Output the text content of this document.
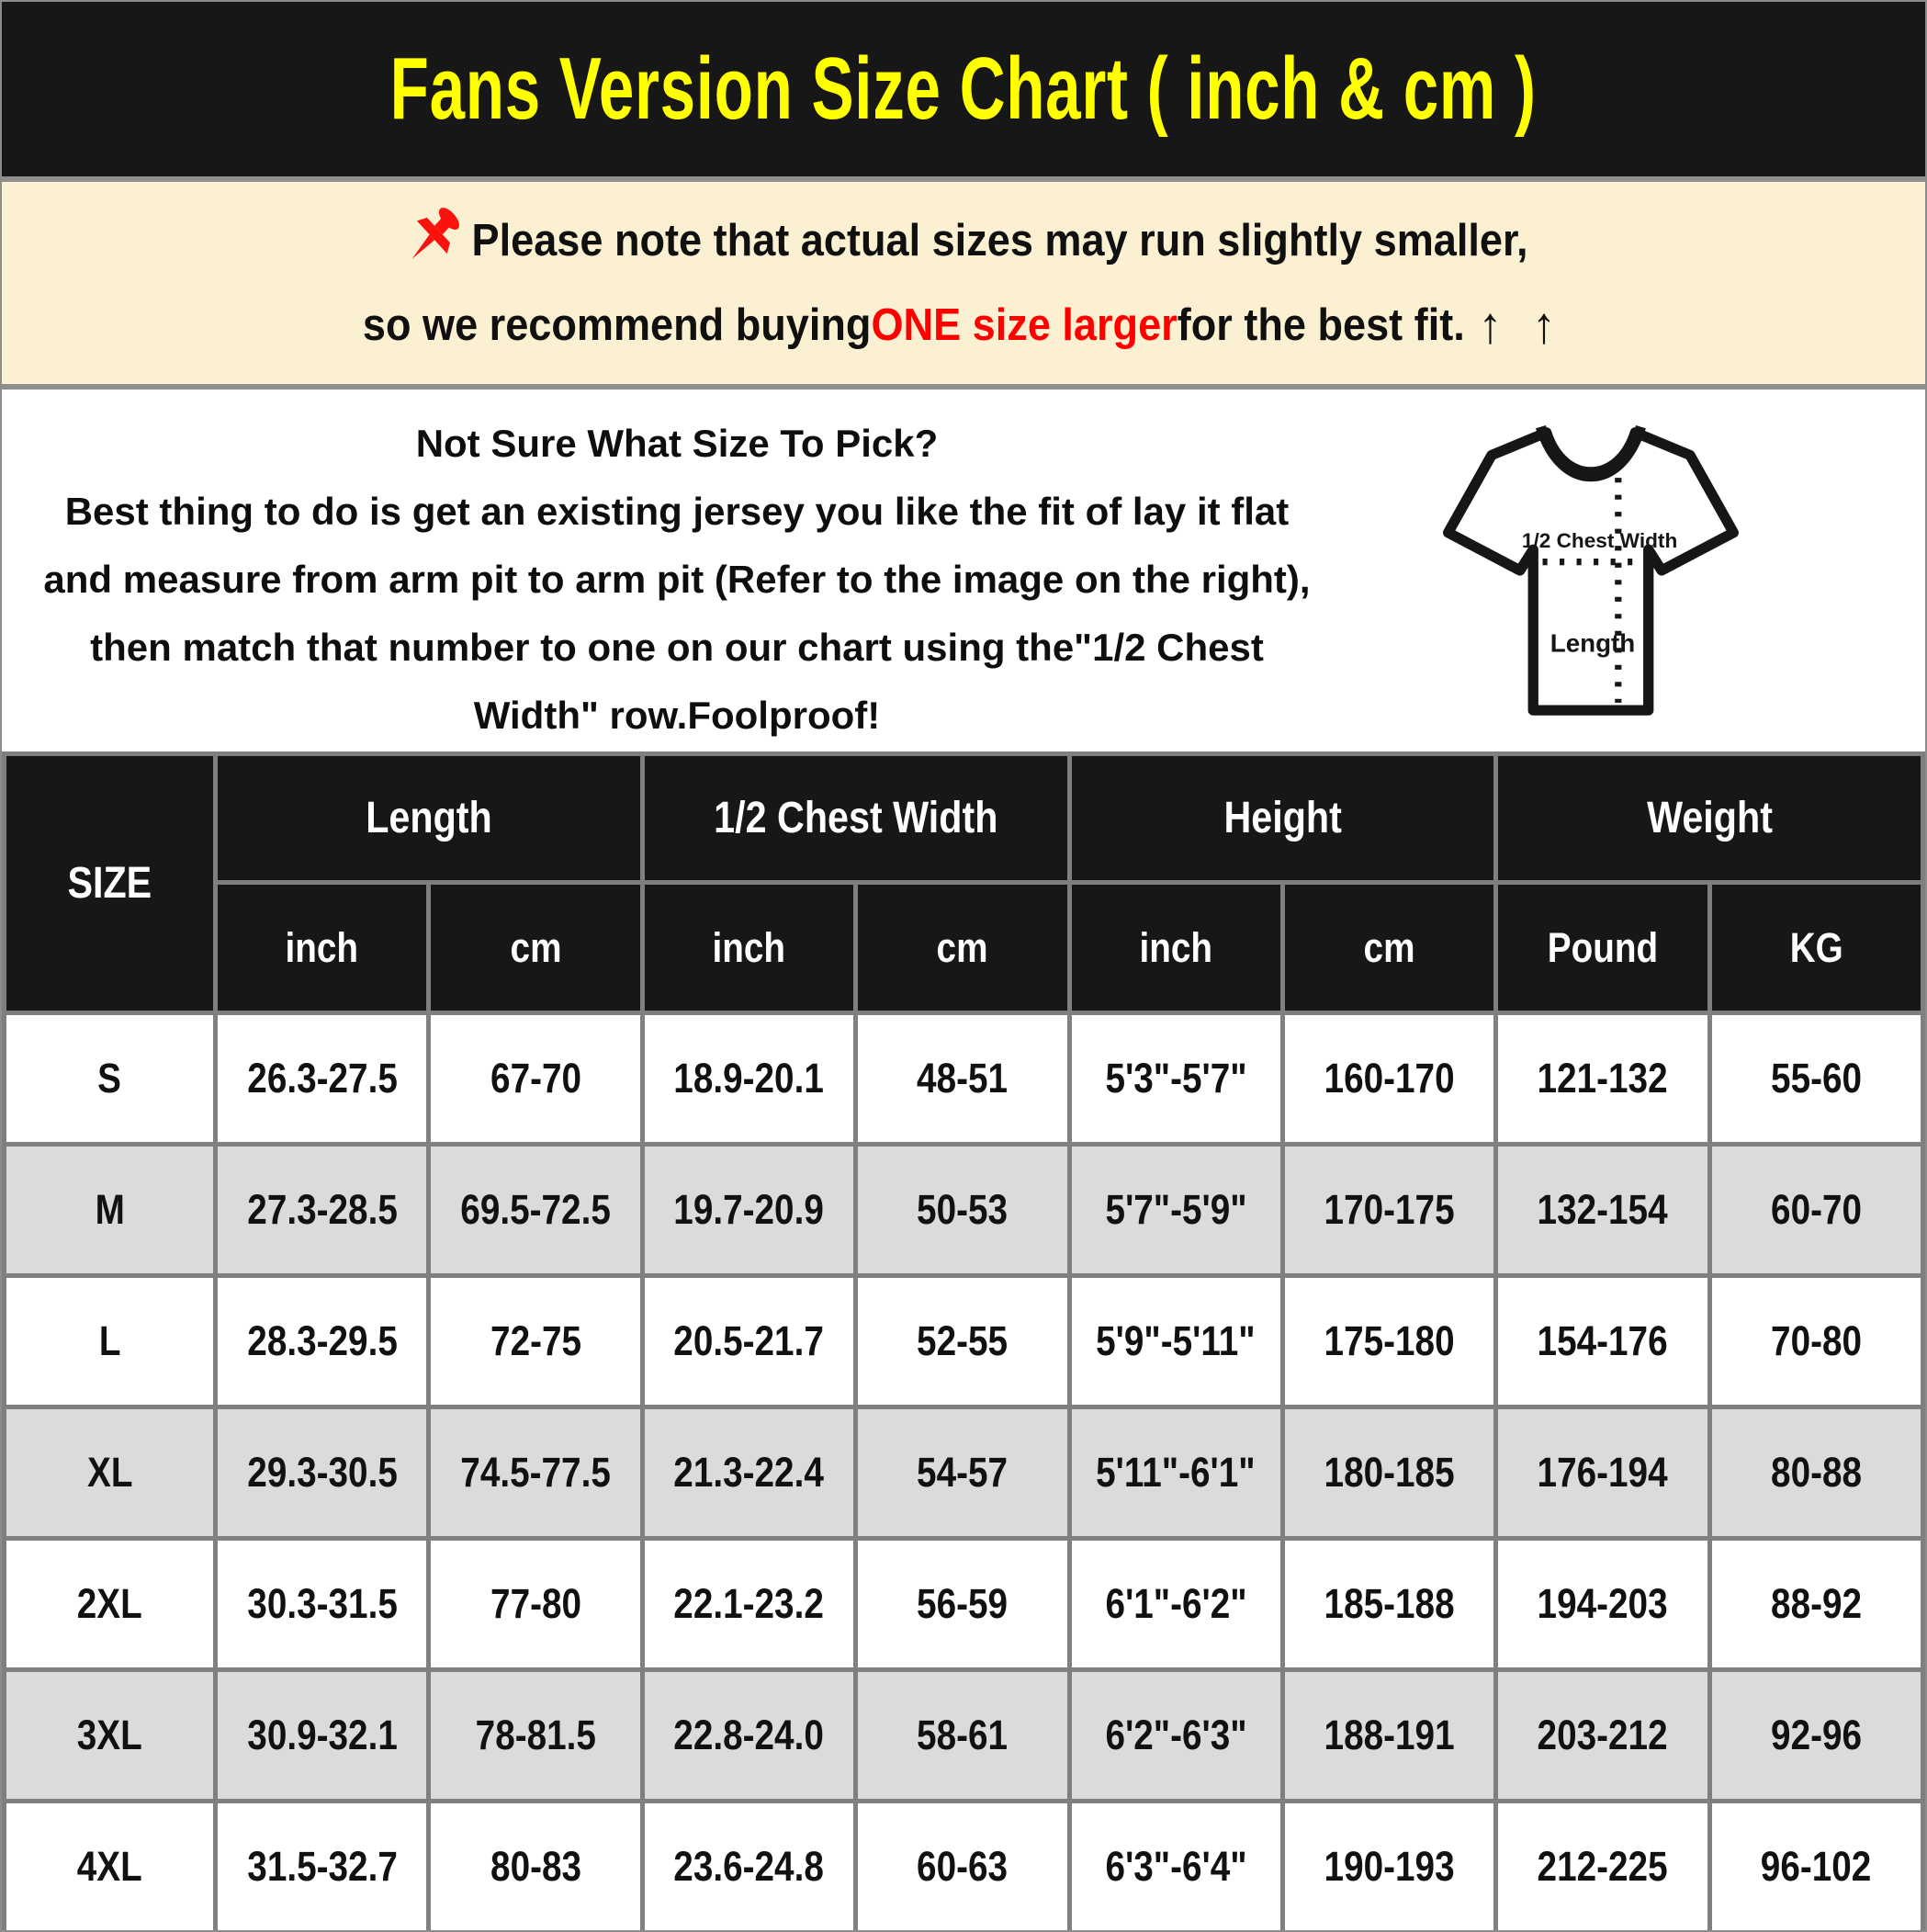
Fans Version Size Chart ( inch & cm )
Please note that actual sizes may run slightly smaller,
so we recommend buying ONE size larger for the best fit. ↑ ↑
Not Sure What Size To Pick?
Best thing to do is get an existing jersey you like the fit of lay it flat
and measure from arm pit to arm pit (Refer to the image on the right),
then match that number to one on our chart using the"1/2 Chest
Width" row.Foolproof!
1/2 Chest Width
Length
SIZE	Length		1/2 Chest Width		Height		Weight	
	inch	cm	inch	cm	inch	cm	Pound	KG
S	26.3-27.5	67-70	18.9-20.1	48-51	5'3"-5'7"	160-170	121-132	55-60
M	27.3-28.5	69.5-72.5	19.7-20.9	50-53	5'7"-5'9"	170-175	132-154	60-70
L	28.3-29.5	72-75	20.5-21.7	52-55	5'9"-5'11"	175-180	154-176	70-80
XL	29.3-30.5	74.5-77.5	21.3-22.4	54-57	5'11"-6'1"	180-185	176-194	80-88
2XL	30.3-31.5	77-80	22.1-23.2	56-59	6'1"-6'2"	185-188	194-203	88-92
3XL	30.9-32.1	78-81.5	22.8-24.0	58-61	6'2"-6'3"	188-191	203-212	92-96
4XL	31.5-32.7	80-83	23.6-24.8	60-63	6'3"-6'4"	190-193	212-225	96-102
